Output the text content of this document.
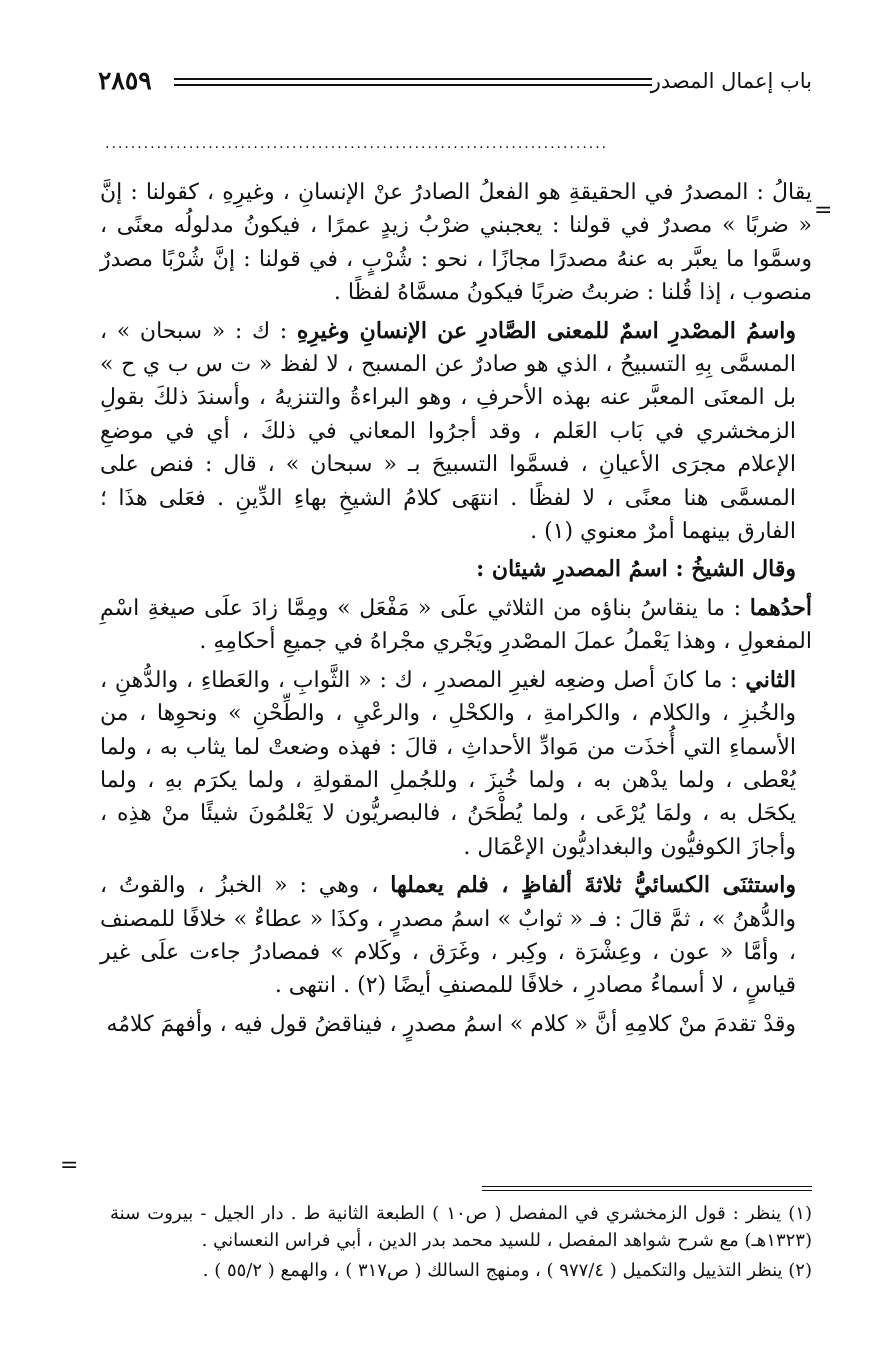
٢٨٥٩	باب إعمال المصدر
..............................................................................
=

يقالُ : المصدرُ في الحقيقةِ هو الفعلُ الصادرُ عنْ الإنسانِ ، وغيرِهِ ، كقولنا : إنَّ « ضربًا » مصدرٌ في قولنا : يعجبني ضرْبُ زيدٍ عمرًا ، فيكونُ مدلولُه معنًى ، وسمَّوا ما يعبَّر به عنهُ مصدرًا مجازًا ، نحو : شُرْبٍ ، في قولنا : إنَّ شُرْبًا مصدرٌ منصوب ، إذا قُلنا : ضربتُ ضربًا فيكونُ مسمَّاهُ لفظًا .

واسمُ المصْدرِ اسمٌ للمعنى الصَّادرِ عن الإنسانِ وغيرِهِ : ك : « سبحان » ، المسمَّى بِهِ التسبيحُ ، الذي هو صادرٌ عن المسبح ، لا لفظ « ت س ب ي ح » بل المعنَى المعبَّر عنه بهذه الأحرفِ ، وهو البراءةُ والتنزيهُ ، وأسندَ ذلكَ بقولِ الزمخشري في بَاب العَلم ، وقد أجرُوا المعاني في ذلكَ ، أي في موضعِ الإعلام مجرَى الأعيانِ ، فسمَّوا التسبيحَ بـ « سبحان » ، قال : فنص على المسمَّى هنا معنًى ، لا لفظًا . انتهَى كلامُ الشيخِ بهاءِ الدِّينِ . فعَلى هذَا ؛ الفارق بينهما أمرٌ معنوي (١) .

وقال الشيخُ : اسمُ المصدرِ شيئان :

أحدُهما : ما ينقاسُ بناؤه من الثلاثي علَى « مَفْعَل » ومِمَّا زادَ علَى صيغةِ اسْمِ المفعولِ ، وهذا يَعْملُ عملَ المصْدرِ ويَجْري مجْراهُ في جميعِ أحكامِهِ .

الثاني : ما كانَ أصل وضعِه لغيرِ المصدرِ ، ك : « الثَّوابِ ، والعَطاءِ ، والدُّهنِ ، والخُبزِ ، والكلام ، والكرامةِ ، والكحْلِ ، والرعْيِ ، والطِّحْنِ » ونحوِها ، من الأسماءِ التي أُخذَت من مَوادِّ الأحداثِ ، قالَ : فهذه وضعتْ لما يثاب به ، ولما يُعْطى ، ولما يدْهن به ، ولما خُبِزَ ، وللجُملِ المقولةِ ، ولما يكرَم بهِ ، ولما يكحَل به ، ولمَا يُرْعَى ، ولما يُطْحَنُ ، فالبصريُّون لا يَعْلمُونَ شيئًا منْ هذِه ، وأجازَ الكوفيُّون والبغداديُّون الإعْمَال .

واستثنَى الكسائيُّ ثلاثةَ ألفاظٍ ، فلم يعملها ، وهي : « الخبزُ ، والقوتُ ، والدُّهنُ » ، ثمَّ قالَ : فـ « ثوابٌ » اسمُ مصدرٍ ، وكذَا « عطاءٌ » خلافًا للمصنف ، وأمَّا « عون ، وعِشْرَة ، وكِبر ، وغَرَق ، وكَلام » فمصادرُ جاءت علَى غير قياسٍ ، لا أسماءُ مصادرِ ، خلافًا للمصنفِ أيضًا (٢) . انتهى .

وقدْ تقدمَ منْ كلامِهِ أنَّ « كلام » اسمُ مصدرٍ ، فيناقضُ قول فيه ، وأفهمَ كلامُه

=

(١) ينظر : قول الزمخشري في المفصل ( ص١٠ ) الطبعة الثانية ط . دار الجيل - بيروت سنة (١٣٢٣هـ) مع شرح شواهد المفصل ، للسيد محمد بدر الدين ، أبي فراس النعساني .

(٢) ينظر التذييل والتكميل ( ٩٧٧/٤ ) ، ومنهج السالك ( ص٣١٧ ) ، والهمع ( ٥٥/٢ ) .
